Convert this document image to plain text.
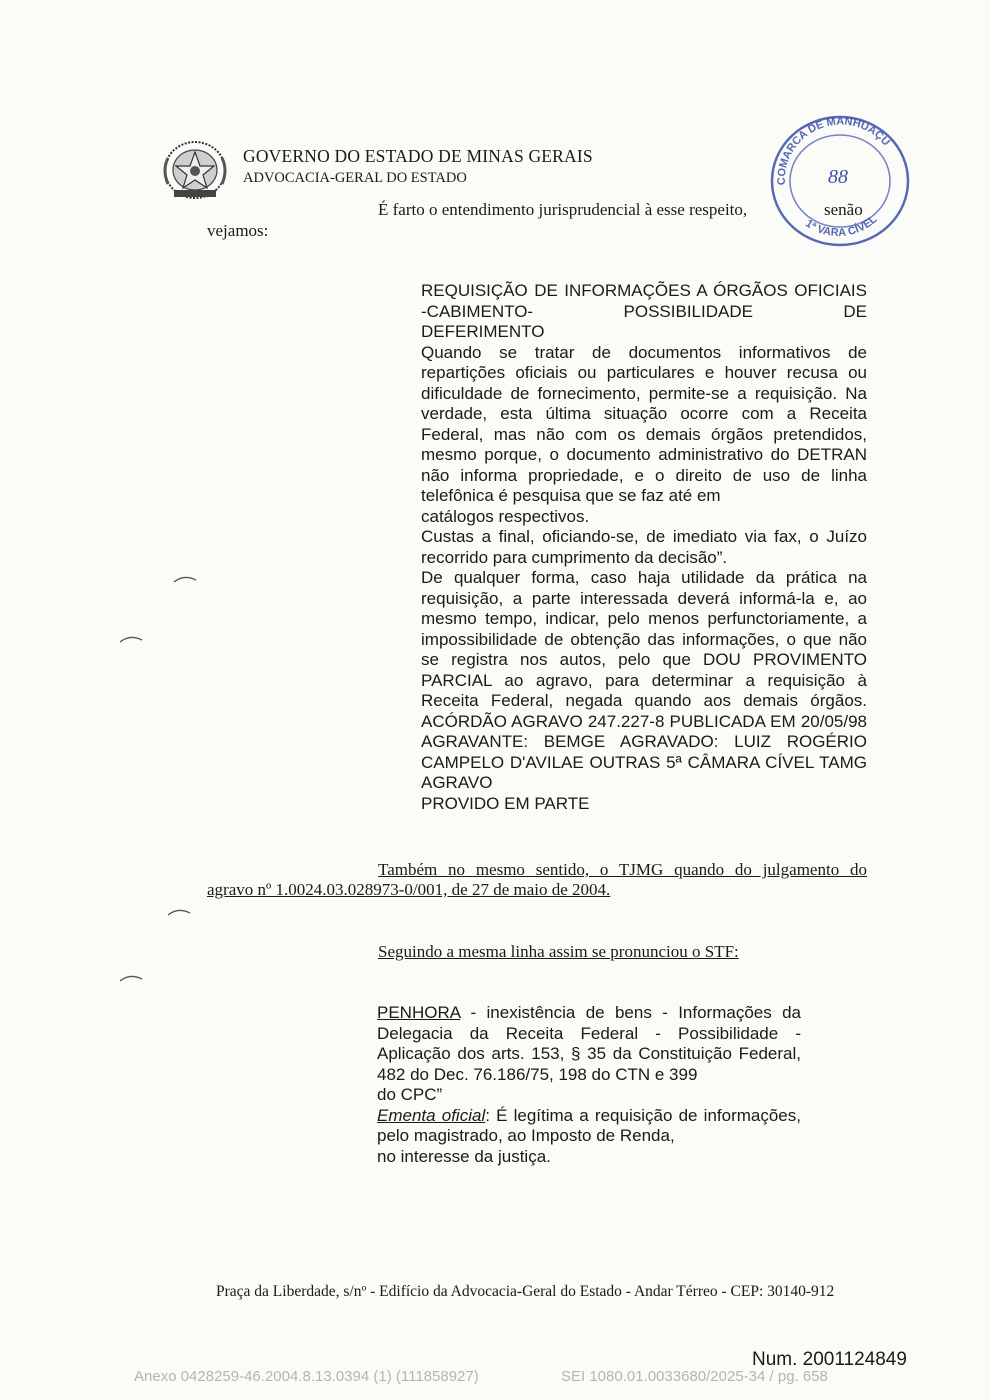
GOVERNO DO ESTADO DE MINAS GERAIS
ADVOCACIA-GERAL DO ESTADO	COMARCA DE MANHUAÇU
1ª VARA CÍVEL
88
É farto o entendimento jurisprudencial à esse respeito,	senão
vejamos:

REQUISIÇÃO DE INFORMAÇÕES A ÓRGÃOS OFICIAIS -CABIMENTO- POSSIBILIDADE DE

DEFERIMENTO

Quando se tratar de documentos informativos de repartições oficiais ou particulares e houver recusa ou dificuldade de fornecimento, permite-se a requisição. Na verdade, esta última situação ocorre com a Receita Federal, mas não com os demais órgãos pretendidos, mesmo porque, o documento administrativo do DETRAN não informa propriedade, e o direito de uso de linha telefônica é pesquisa que se faz até em

catálogos respectivos.

Custas a final, oficiando-se, de imediato via fax, o Juízo

recorrido para cumprimento da decisão”.

De qualquer forma, caso haja utilidade da prática na requisição, a parte interessada deverá informá-la e, ao mesmo tempo, indicar, pelo menos perfunctoriamente, a impossibilidade de obtenção das informações, o que não se registra nos autos, pelo que DOU PROVIMENTO PARCIAL ao agravo, para determinar a requisição à Receita Federal, negada quando aos demais órgãos. ACÓRDÃO AGRAVO 247.227-8 PUBLICADA EM 20/05/98 AGRAVANTE: BEMGE AGRAVADO: LUIZ ROGÉRIO CAMPELO D'AVILAE OUTRAS 5ª CÂMARA CÍVEL TAMG AGRAVO

PROVIDO EM PARTE

Também no mesmo sentido, o TJMG quando do julgamento do
agravo nº 1.0024.03.028973-0/001, de 27 de maio de 2004.
Seguindo a mesma linha assim se pronunciou o STF:

PENHORA - inexistência de bens - Informações da Delegacia da Receita Federal - Possibilidade - Aplicação dos arts. 153, § 35 da Constituição Federal, 482 do Dec. 76.186/75, 198 do CTN e 399

do CPC”

Ementa oficial: É legítima a requisição de informações, pelo magistrado, ao Imposto de Renda,

no interesse da justiça.

Praça da Liberdade, s/nº - Edifício da Advocacia-Geral do Estado - Andar Térreo - CEP: 30140-912
Num. 2001124849
Anexo 0428259-46.2004.8.13.0394 (1) (111858927)	SEI 1080.01.0033680/2025-34 / pg. 658
